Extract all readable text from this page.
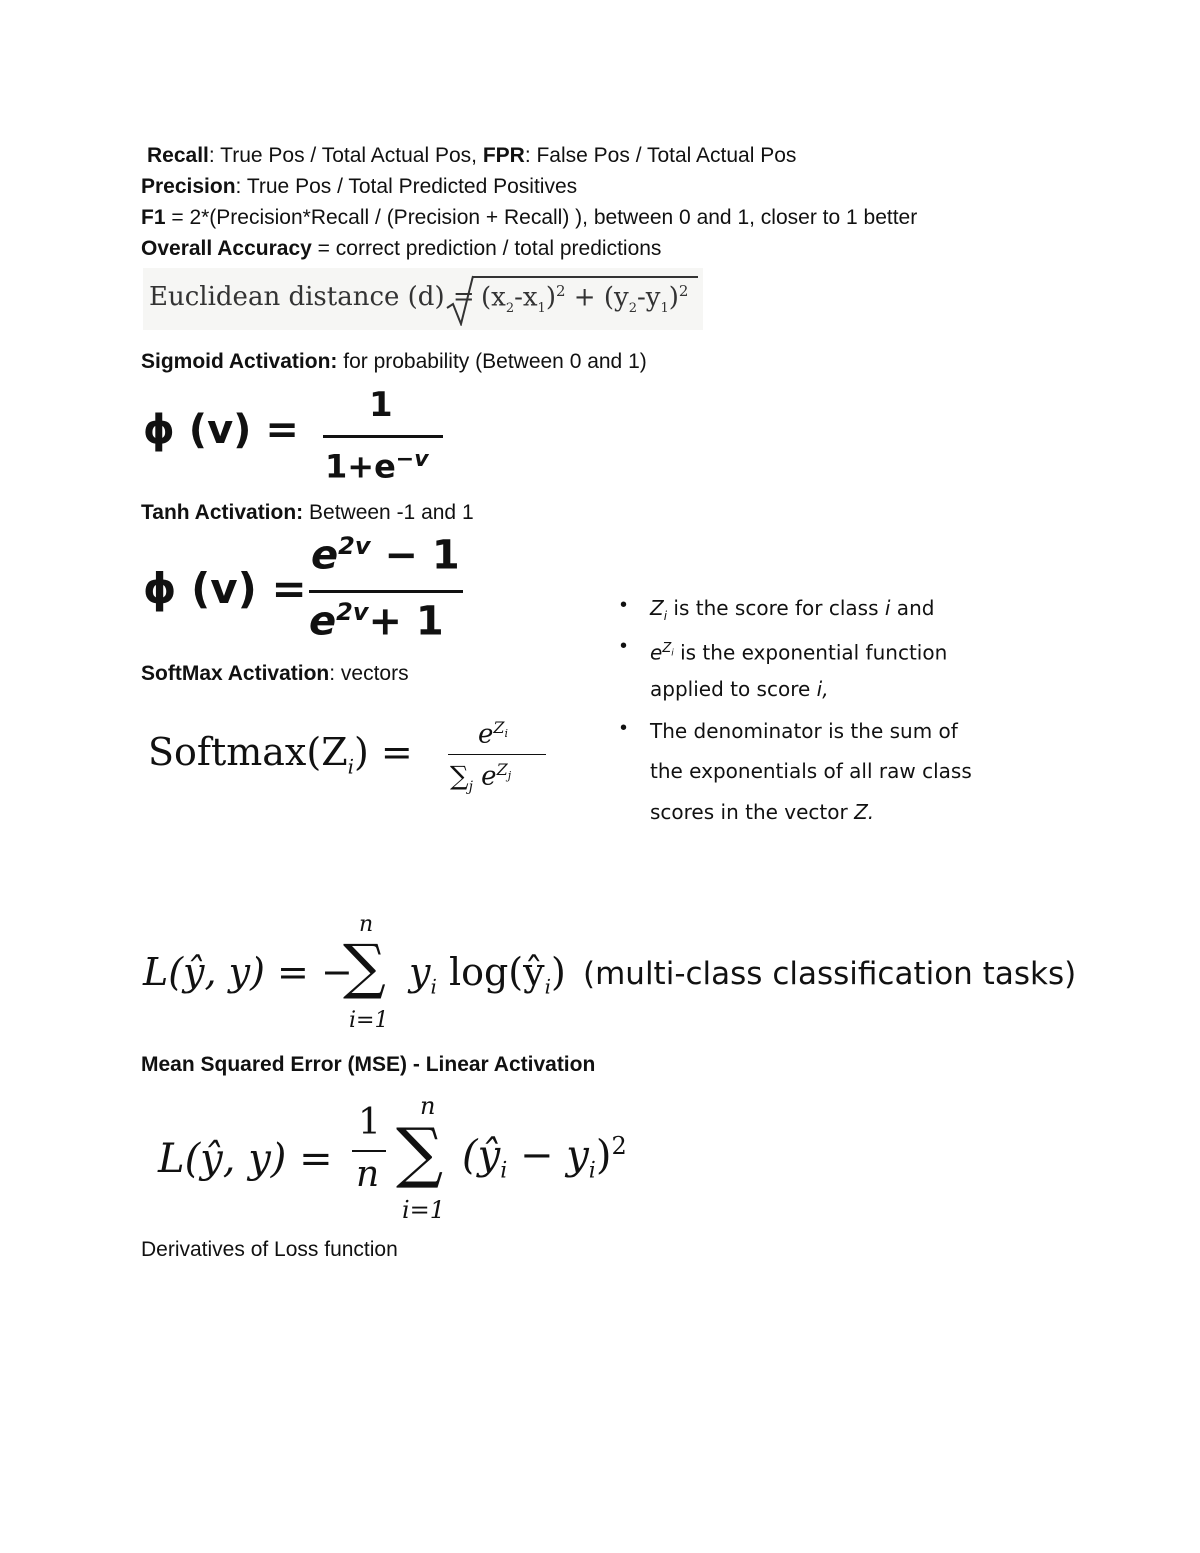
Recall: True Pos / Total Actual Pos, FPR: False Pos / Total Actual Pos
Precision: True Pos / Total Predicted Positives
F1 = 2*(Precision*Recall / (Precision + Recall) ), between 0 and 1, closer to 1 better
Overall Accuracy = correct prediction / total predictions
Euclidean distance $(d) = (x_2-x_1)^2 + (y_2-y_1)^2$
Sigmoid Activation: for probability (Between 0 and 1)
ϕ (v) =
1
$1+e^{-v}$
Tanh Activation: Between -1 and 1
ϕ (v) =
$e^{2v} - 1$
$e^{2v}+ 1$
SoftMax Activation: vectors
$Softmax(Z_i)$ =	$e^{Z_i}$
$\sum_j$ $e^{Z_j}$
• $Z_i$ is the score for class i and
• $e^{Z_i}$ is the exponential function
applied to score i,
• The denominator is the sum of
the exponentials of all raw class
scores in the vector Z.
n
L(ŷ, y) = −
∑
i=1
$y_i$ $\log(ŷ_i)$ (multi-class classification tasks)
Mean Squared Error (MSE) - Linear Activation
n
L(ŷ, y) =
1
n ∑
i=1
$(ŷ_i - y_i)^2$
Derivatives of Loss function
